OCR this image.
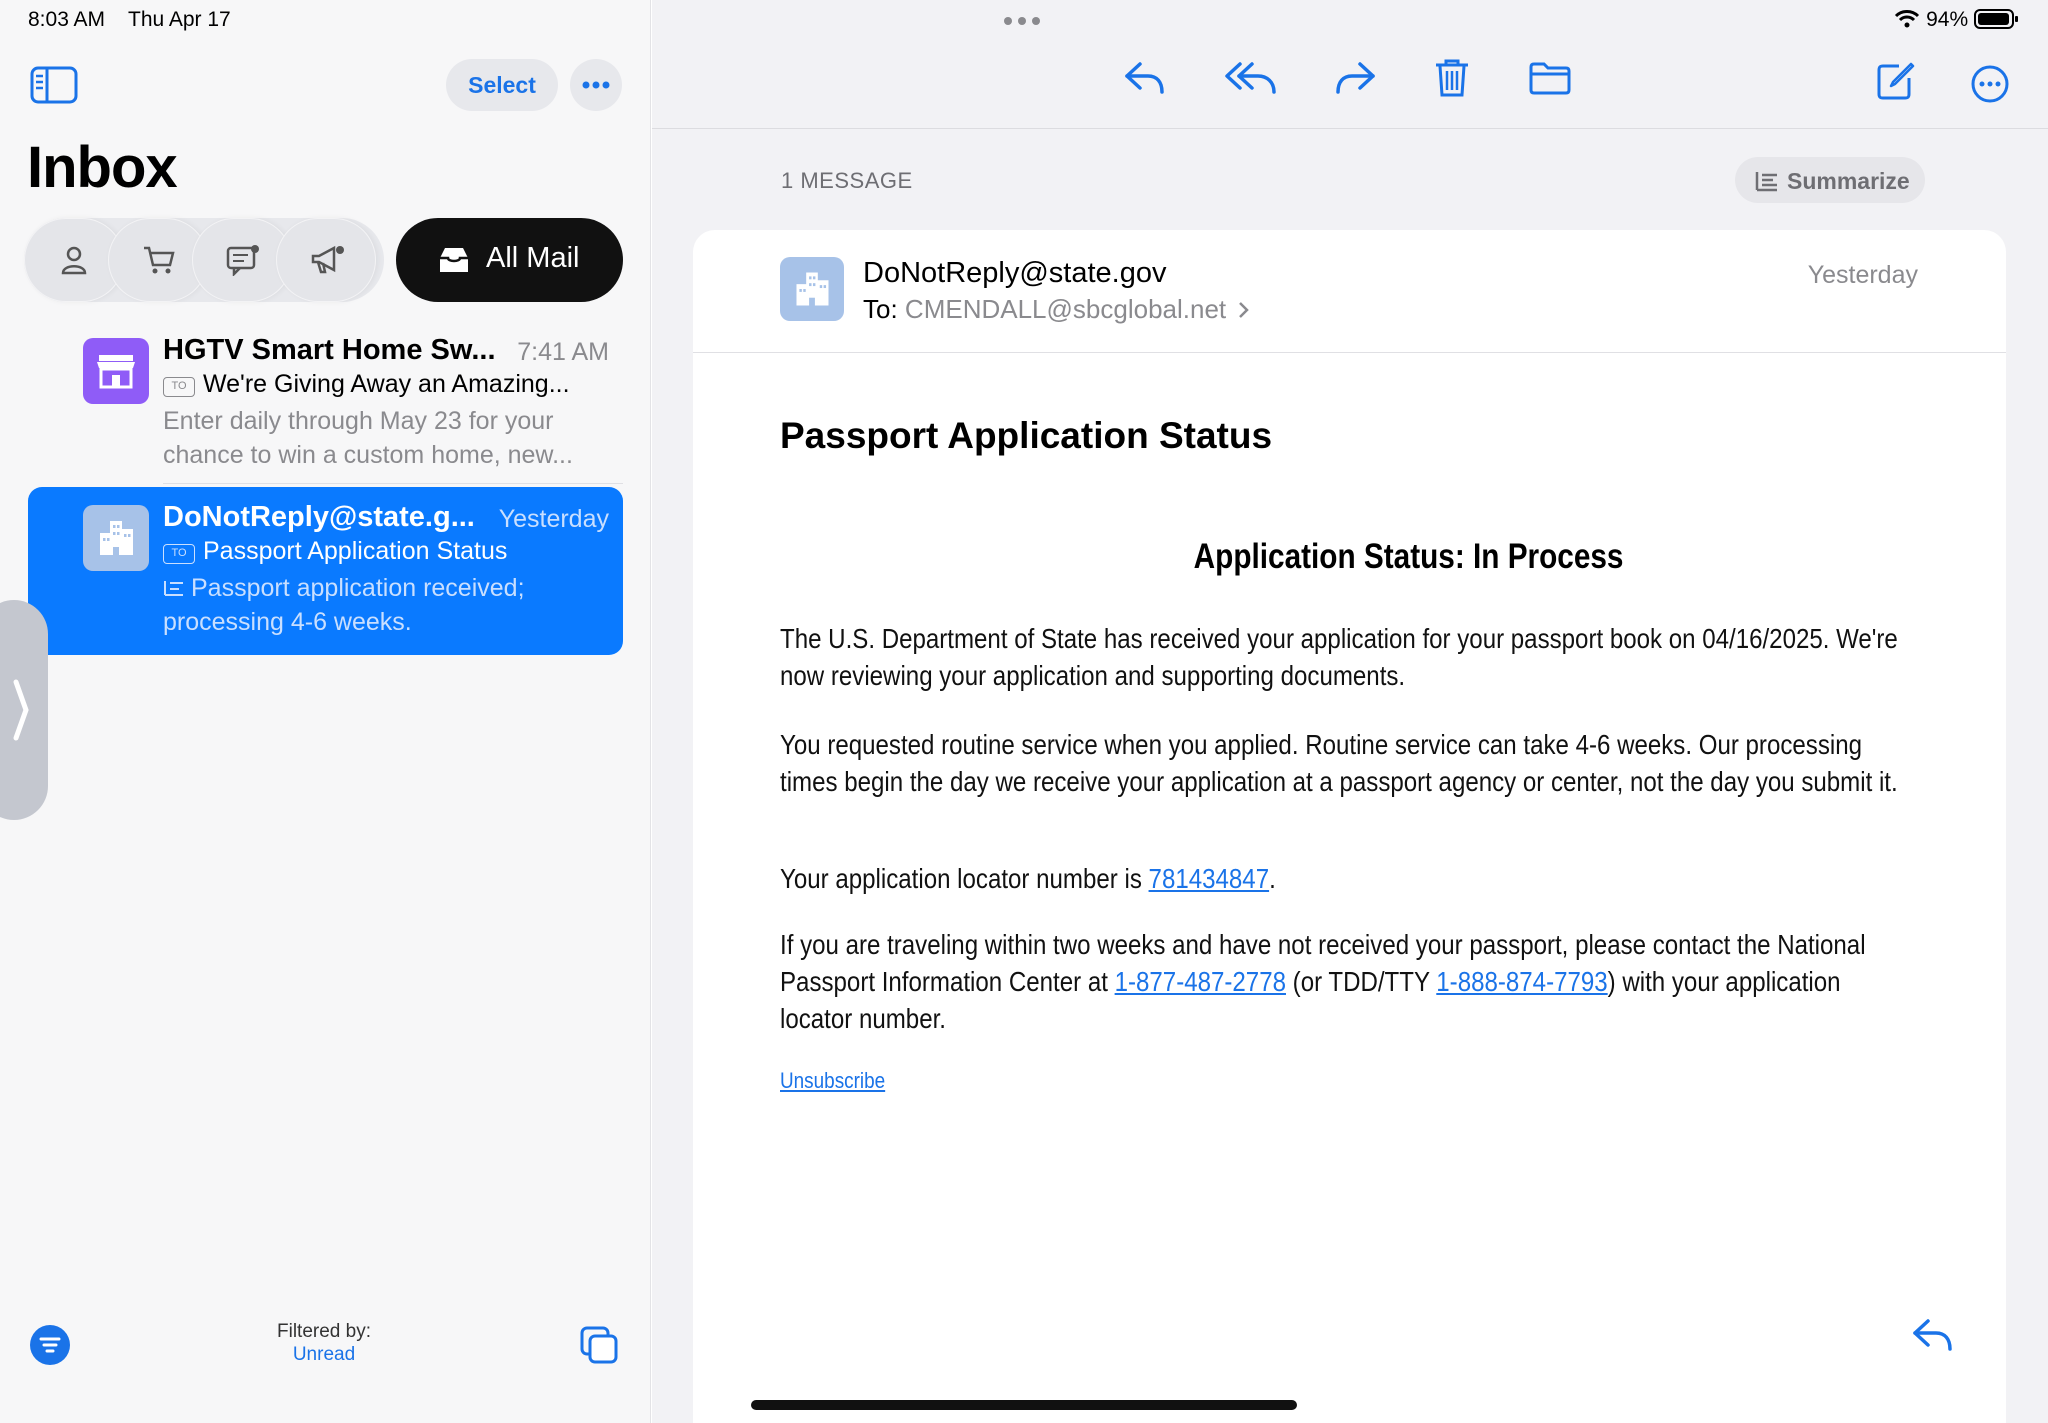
8:03 AM Thu Apr 17
Select
Inbox
All Mail
HGTV Smart Home Sw... 7:41 AM
TO We're Giving Away an Amazing...
Enter daily through May 23 for your chance to win a custom home, new...
DoNotReply@state.g... Yesterday
TO Passport Application Status
Passport application received; processing 4-6 weeks.
Filtered by:
Unread
94%
1 MESSAGE	Summarize
DoNotReply@state.gov
To: CMENDALL@sbcglobal.net
Yesterday
Passport Application Status
Application Status: In Process
The U.S. Department of State has received your application for your passport book on 04/16/2025. We're now reviewing your application and supporting documents.
You requested routine service when you applied. Routine service can take 4-6 weeks. Our processing times begin the day we receive your application at a passport agency or center, not the day you submit it.
Your application locator number is 781434847.
If you are traveling within two weeks and have not received your passport, please contact the National Passport Information Center at 1-877-487-2778 (or TDD/TTY 1-888-874-7793) with your application locator number.
Unsubscribe
